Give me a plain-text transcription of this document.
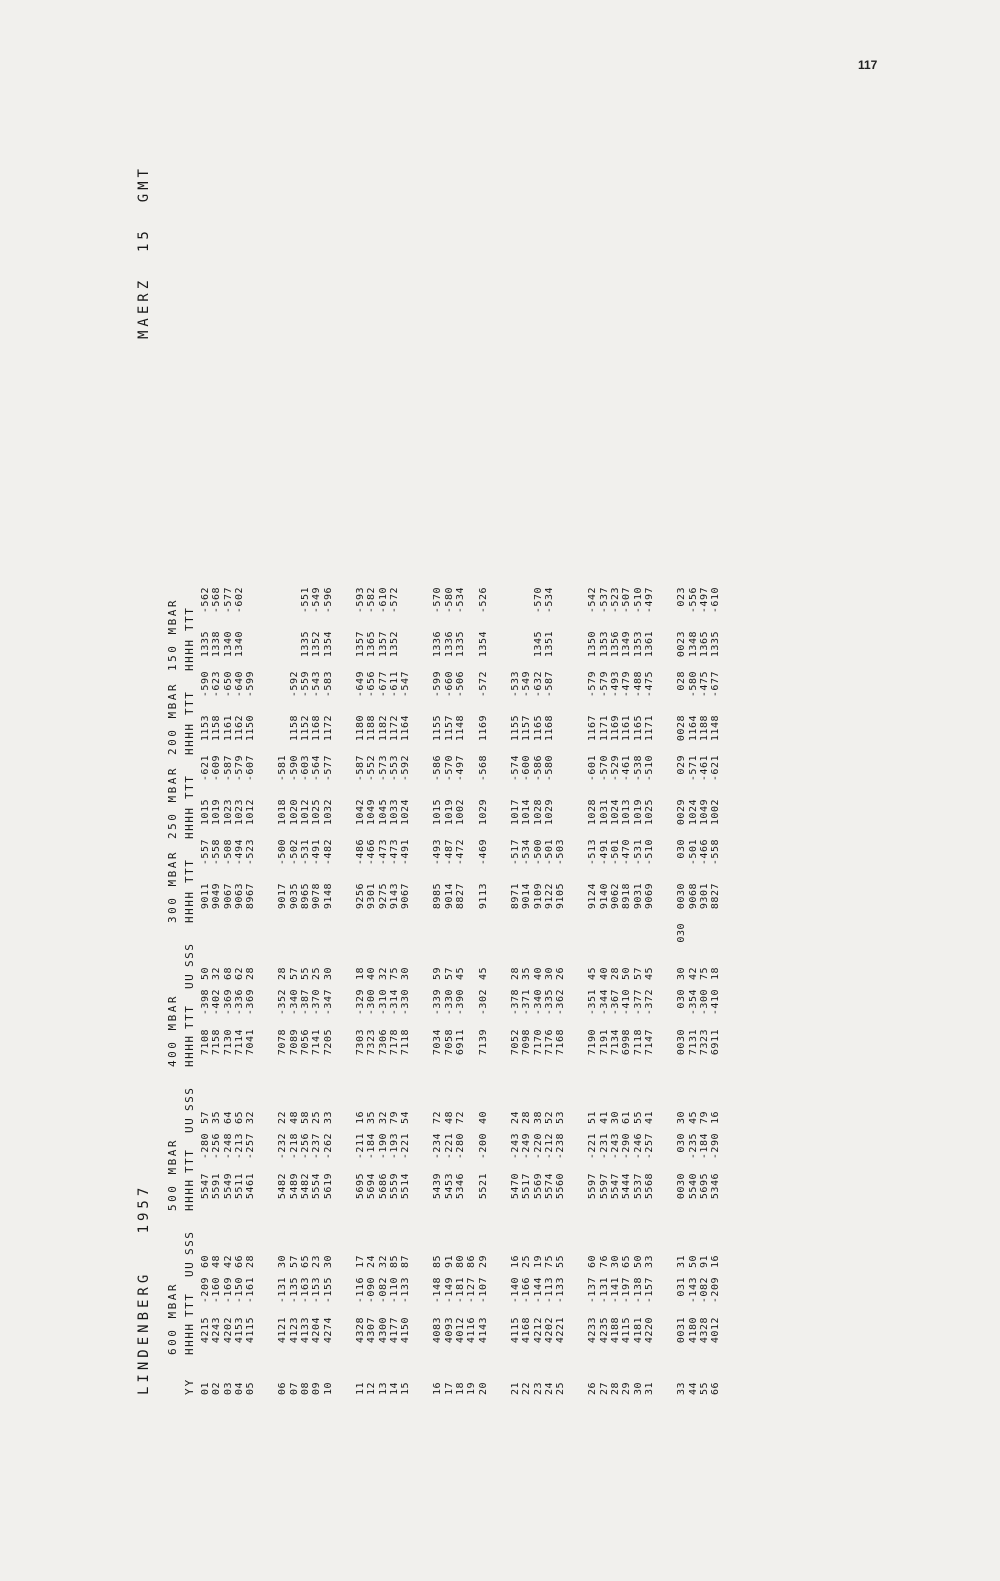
117
LINDENBERG   1957
MAERZ  15  GMT
YY
600 MBAR HHHH
TTT
UU
SSS
500 MBAR HHHH
TTT
UU
SSS
400 MBAR HHHH
TTT
UU
SSS
300 MBAR HHHH
TTT
250 MBAR HHHH
TTT
200 MBAR HHHH
TTT
150 MBAR HHHH
TTT
01
4215
-209
60
5547
-280
57
7108
-398
50
9011
-557
1015
-621
1153
-590
1335
-562
02
4243
-160
48
5591
-256
35
7158
-402
32
9049
-558
1019
-609
1158
-623
1338
-568
03
4202
-169
42
5549
-248
64
7130
-369
68
9067
-508
1023
-587
1161
-650
1340
-577
04
4153
-150
66
5511
-213
65
7114
-336
62
9063
-494
1023
-579
1162
-640
1340
-602
05
4115
-161
28
5461
-257
32
7041
-369
28
8967
-523
1012
-607
1150
-599
06
4121
-131
30
5482
-232
22
7078
-352
28
9017
-500
1018
-581
07
4123
-135
57
5489
-218
48
7089
-340
57
9035
-502
1020
-590
1158
-592
08
4133
-163
65
5482
-256
58
7056
-387
55
8965
-531
1012
-603
1152
-559
1335
-551
09
4204
-153
23
5554
-237
25
7141
-370
25
9078
-491
1025
-564
1168
-543
1352
-549
10
4274
-155
30
5619
-262
33
7205
-347
30
9148
-482
1032
-577
1172
-583
1354
-596
11
4328
-116
17
5695
-211
16
7303
-329
18
9256
-486
1042
-587
1180
-649
1357
-593
12
4307
-090
24
5694
-184
35
7323
-300
40
9301
-466
1049
-552
1188
-656
1365
-582
13
4300
-082
32
5686
-190
32
7306
-310
32
9275
-473
1045
-573
1182
-677
1357
-610
14
4177
-110
85
5559
-193
79
7178
-314
75
9143
-473
1033
-553
1172
-611
1352
-572
15
4150
-133
87
5514
-221
54
7118
-330
30
9067
-491
1024
-592
1164
-547
16
4083
-148
85
5439
-234
72
7034
-339
59
8985
-493
1015
-586
1155
-599
1336
-570
17
4093
-149
91
5453
-221
48
7058
-330
57
9014
-487
1019
-570
1157
-660
1336
-580
18
4012
-181
80
5346
-280
72
6911
-390
45
8827
-472
1002
-497
1148
-506
1335
-534
19
4116
-127
86
20
4143
-107
29
5521
-200
40
7139
-302
45
9113
-469
1029
-568
1169
-572
1354
-526
21
4115
-140
16
5470
-243
24
7052
-378
28
8971
-517
1017
-574
1155
-533
22
4168
-166
25
5517
-249
28
7098
-371
35
9014
-534
1014
-600
1157
-549
23
4212
-144
19
5569
-220
38
7170
-340
40
9109
-500
1028
-586
1165
-632
1345
-570
24
4202
-113
75
5574
-212
52
7176
-335
30
9122
-501
1029
-580
1168
-587
1351
-534
25
4221
-133
55
5560
-238
53
7168
-362
26
9105
-503
26
4233
-137
60
5597
-221
51
7190
-351
45
9124
-513
1028
-601
1167
-579
1350
-542
27
4235
-131
76
5597
-231
41
7191
-344
40
9140
-491
1031
-570
1171
-579
1353
-537
28
4188
-141
30
5547
-243
30
7134
-367
28
9062
-501
1024
-529
1169
-493
1356
-523
29
4115
-197
65
5444
-290
61
6998
-410
50
8918
-470
1013
-461
1161
-479
1349
-507
30
4181
-138
50
5537
-246
55
7118
-377
57
9031
-531
1019
-538
1165
-488
1353
-510
31
4220
-157
33
5568
-257
41
7147
-372
45
9069
-510
1025
-510
1171
-475
1361
-497
33
0031
031
31
0030
030
30
0030
030
30
030
0030
030
0029
029
0028
028
0023
023
44
4180
-143
50
5540
-235
45
7131
-354
42
9068
-501
1024
-571
1164
-580
1348
-556
55
4328
-082
91
5695
-184
79
7323
-300
75
9301
-466
1049
-461
1188
-475
1365
-497
66
4012
-209
16
5346
-290
16
6911
-410
18
8827
-558
1002
-621
1148
-677
1335
-610
